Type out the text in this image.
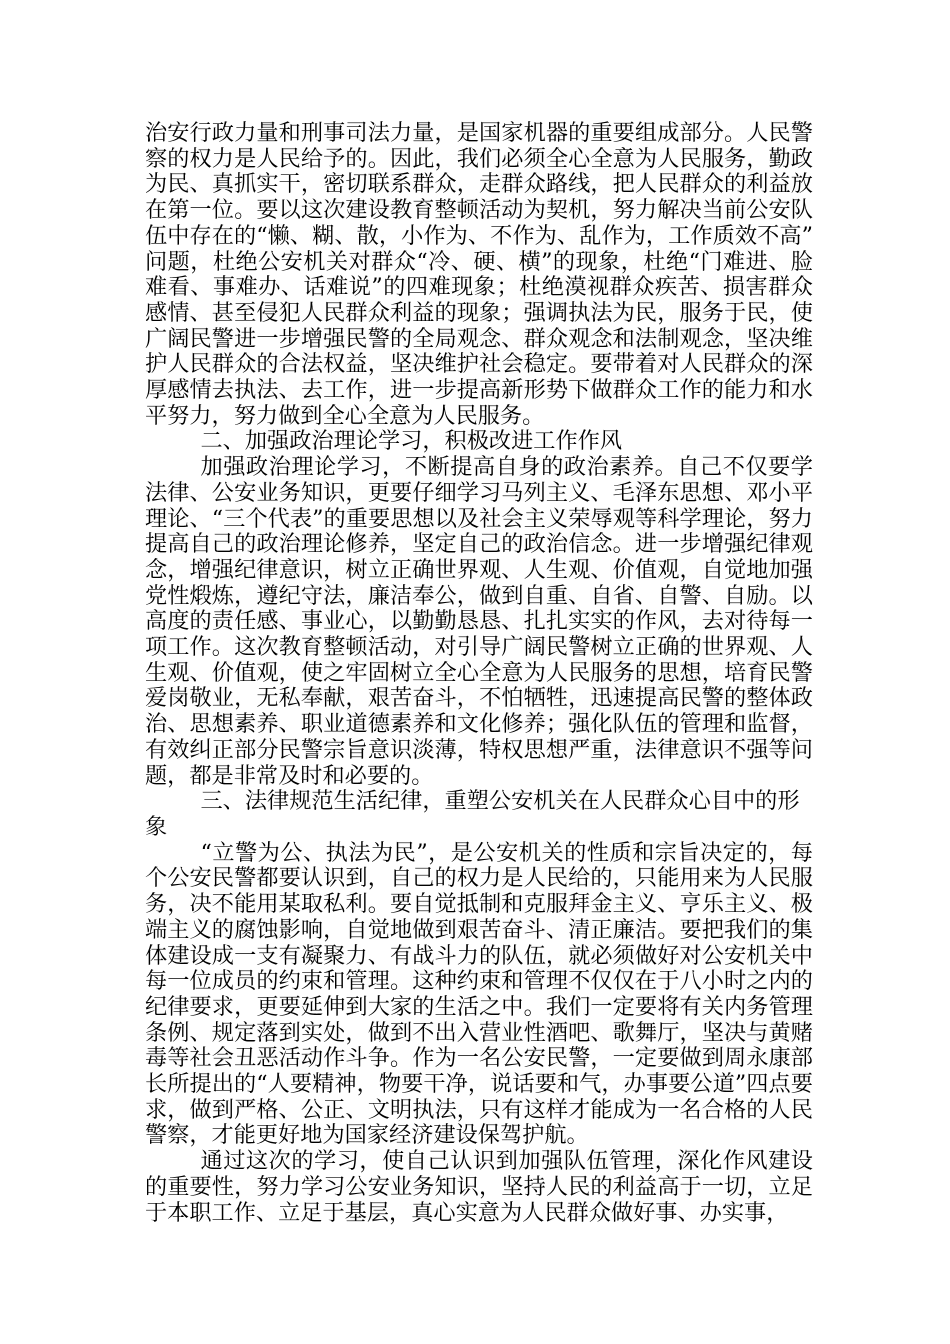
治安行政力量和刑事司法力量，是国家机器的重要组成部分。人民警察的权力是人民给予的。因此，我们必须全心全意为人民服务，勤政为民、真抓实干，密切联系群众，走群众路线，把人民群众的利益放在第一位。要以这次建设教育整顿活动为契机，努力解决当前公安队伍中存在的“懒、糊、散，小作为、不作为、乱作为，工作质效不高”问题，杜绝公安机关对群众“冷、硬、横”的现象，杜绝“门难进、脸难看、事难办、话难说”的四难现象；杜绝漠视群众疾苦、损害群众感情、甚至侵犯人民群众利益的现象；强调执法为民，服务于民，使广阔民警进一步增强民警的全局观念、群众观念和法制观念，坚决维护人民群众的合法权益，坚决维护社会稳定。要带着对人民群众的深厚感情去执法、去工作，进一步提高新形势下做群众工作的能力和水平努力，努力做到全心全意为人民服务。

二、加强政治理论学习，积极改进工作作风

加强政治理论学习，不断提高自身的政治素养。自己不仅要学法律、公安业务知识，更要仔细学习马列主义、毛泽东思想、邓小平理论、“三个代表”的重要思想以及社会主义荣辱观等科学理论，努力提高自己的政治理论修养，坚定自己的政治信念。进一步增强纪律观念，增强纪律意识，树立正确世界观、人生观、价值观，自觉地加强党性煅炼，遵纪守法，廉洁奉公，做到自重、自省、自警、自励。以高度的责任感、事业心，以勤勤恳恳、扎扎实实的作风，去对待每一项工作。这次教育整顿活动，对引导广阔民警树立正确的世界观、人生观、价值观，使之牢固树立全心全意为人民服务的思想，培育民警爱岗敬业，无私奉献，艰苦奋斗，不怕牺牲，迅速提高民警的整体政治、思想素养、职业道德素养和文化修养；强化队伍的管理和监督，有效纠正部分民警宗旨意识淡薄，特权思想严重，法律意识不强等问题，都是非常及时和必要的。

三、法律规范生活纪律，重塑公安机关在人民群众心目中的形象

“立警为公、执法为民”，是公安机关的性质和宗旨决定的，每个公安民警都要认识到，自己的权力是人民给的，只能用来为人民服务，决不能用某取私利。要自觉抵制和克服拜金主义、亨乐主义、极端主义的腐蚀影响，自觉地做到艰苦奋斗、清正廉洁。要把我们的集体建设成一支有凝聚力、有战斗力的队伍，就必须做好对公安机关中每一位成员的约束和管理。这种约束和管理不仅仅在于八小时之内的纪律要求，更要延伸到大家的生活之中。我们一定要将有关内务管理条例、规定落到实处，做到不出入营业性酒吧、歌舞厅，坚决与黄赌毒等社会丑恶活动作斗争。作为一名公安民警，一定要做到周永康部长所提出的“人要精神，物要干净，说话要和气，办事要公道”四点要求，做到严格、公正、文明执法，只有这样才能成为一名合格的人民警察，才能更好地为国家经济建设保驾护航。

通过这次的学习，使自己认识到加强队伍管理，深化作风建设的重要性，努力学习公安业务知识，坚持人民的利益高于一切，立足于本职工作、立足于基层，真心实意为人民群众做好事、办实事，
